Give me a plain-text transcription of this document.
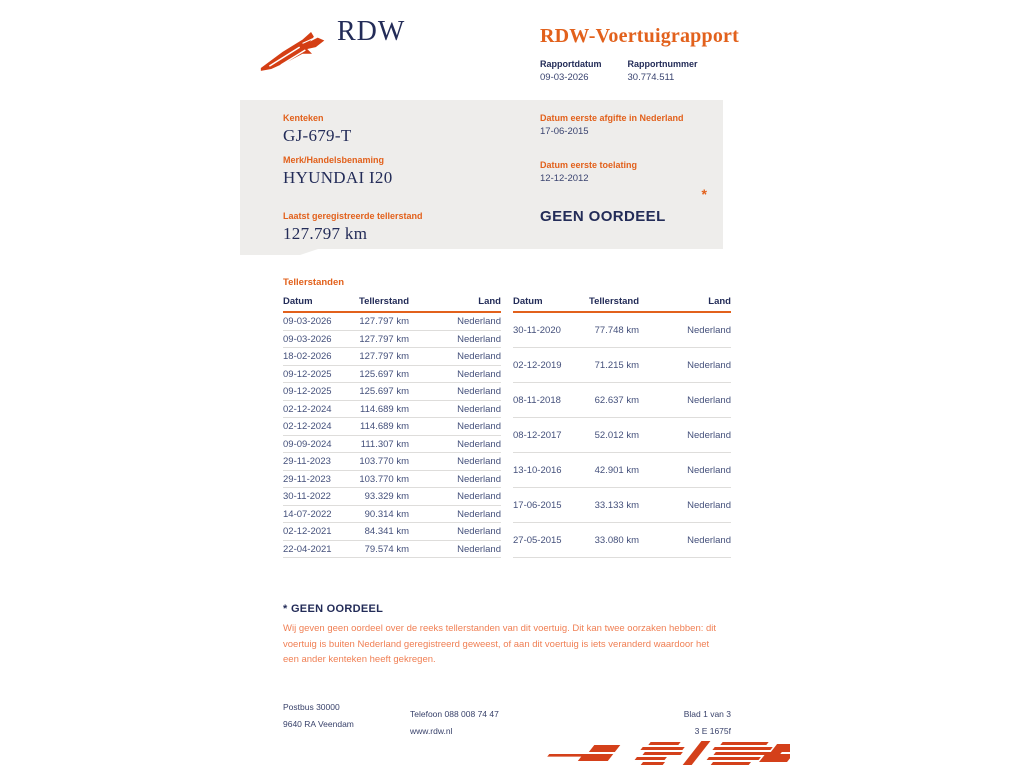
RDW	RDW-Voertuigrapport
Rapportdatum
09-03-2026
Rapportnummer
30.774.511
Kenteken
GJ-679-T
Merk/Handelsbenaming
HYUNDAI I20
Laatst geregistreerde tellerstand
127.797 km
Datum eerste afgifte in Nederland
17-06-2015
Datum eerste toelating
12-12-2012
GEEN OORDEEL
*
Tellerstanden
Datum	Tellerstand	Land
09-03-2026	127.797 km	Nederland
09-03-2026	127.797 km	Nederland
18-02-2026	127.797 km	Nederland
09-12-2025	125.697 km	Nederland
09-12-2025	125.697 km	Nederland
02-12-2024	114.689 km	Nederland
02-12-2024	114.689 km	Nederland
09-09-2024	111.307 km	Nederland
29-11-2023	103.770 km	Nederland
29-11-2023	103.770 km	Nederland
30-11-2022	93.329 km	Nederland
14-07-2022	90.314 km	Nederland
02-12-2021	84.341 km	Nederland
22-04-2021	79.574 km	Nederland
Datum	Tellerstand	Land
30-11-2020	77.748 km	Nederland
02-12-2019	71.215 km	Nederland
08-11-2018	62.637 km	Nederland
08-12-2017	52.012 km	Nederland
13-10-2016	42.901 km	Nederland
17-06-2015	33.133 km	Nederland
27-05-2015	33.080 km	Nederland
* GEEN OORDEEL
Wij geven geen oordeel over de reeks tellerstanden van dit voertuig. Dit kan twee oorzaken hebben: dit voertuig is buiten Nederland geregistreerd geweest, of aan dit voertuig is iets veranderd waardoor het een ander kenteken heeft gekregen.
Postbus 30000
9640 RA Veendam
Telefoon 088 008 74 47
www.rdw.nl
Blad 1 van 3
3 E 1675f
